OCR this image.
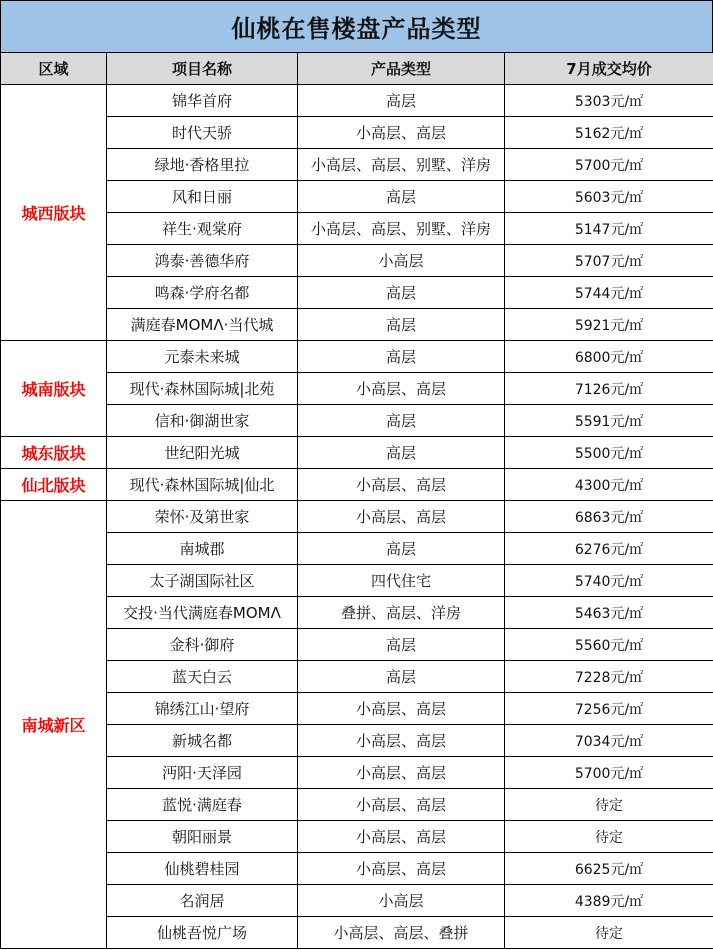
仙桃在售楼盘产品类型
区域	项目名称	产品类型	7月成交均价
城西版块	锦华首府	高层	5303元/㎡
	时代天骄	小高层、高层	5162元/㎡
	绿地·香格里拉	小高层、高层、别墅、洋房	5700元/㎡
	风和日丽	高层	5603元/㎡
	祥生·观棠府	小高层、高层、别墅、洋房	5147元/㎡
	鸿泰·善德华府	小高层	5707元/㎡
	鸣森·学府名都	高层	5744元/㎡
	满庭春MOMΛ·当代城	高层	5921元/㎡
城南版块	元泰未来城	高层	6800元/㎡
	现代·森林国际城|北苑	小高层、高层	7126元/㎡
	信和·御湖世家	高层	5591元/㎡
城东版块	世纪阳光城	高层	5500元/㎡
仙北版块	现代·森林国际城|仙北	小高层、高层	4300元/㎡
南城新区	荣怀·及第世家	小高层、高层	6863元/㎡
	南城郡	高层	6276元/㎡
	太子湖国际社区	四代住宅	5740元/㎡
	交投·当代满庭春MOMΛ	叠拼、高层、洋房	5463元/㎡
	金科·御府	高层	5560元/㎡
	蓝天白云	高层	7228元/㎡
	锦绣江山·望府	小高层、高层	7256元/㎡
	新城名都	小高层、高层	7034元/㎡
	沔阳·天泽园	小高层、高层	5700元/㎡
	蓝悦·满庭春	小高层、高层	待定
	朝阳丽景	小高层、高层	待定
	仙桃碧桂园	小高层、高层	6625元/㎡
	名润居	小高层	4389元/㎡
	仙桃吾悦广场	小高层、高层、叠拼	待定
